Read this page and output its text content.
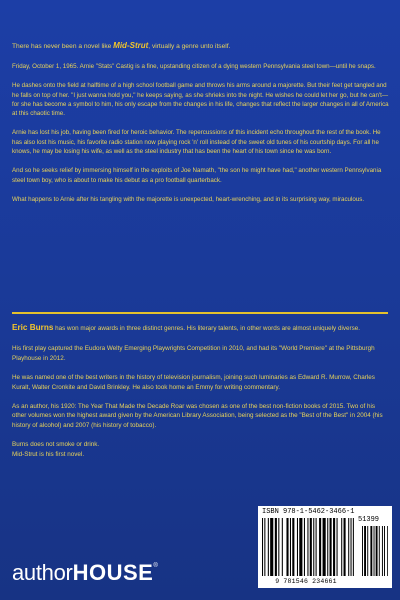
There has never been a novel like Mid-Strut, virtually a genre unto itself.

Friday, October 1, 1965. Arnie "Stats" Castig is a fine, upstanding citizen of a dying western Pennsylvania steel town—until he snaps.

He dashes onto the field at halftime of a high school football game and throws his arms around a majorette. But their feet get tangled and he falls on top of her. "I just wanna hold you," he keeps saying, as she shrieks into the night. He wishes he could let her go, but he can't—for she has become a symbol to him, his only escape from the changes in his life, changes that reflect the larger changes in all of America at this chaotic time.

Arnie has lost his job, having been fired for heroic behavior. The repercussions of this incident echo throughout the rest of the book. He has also lost his music, his favorite radio station now playing rock 'n' roll instead of the sweet old tunes of his courtship days. For all he knows, he may be losing his wife, as well as the steel industry that has been the heart of his town since he was born.

And so he seeks relief by immersing himself in the exploits of Joe Namath, "the son he might have had," another western Pennsylvania steel town boy, who is about to make his debut as a pro football quarterback.

What happens to Arnie after his tangling with the majorette is unexpected, heart-wrenching, and in its surprising way, miraculous.

Eric Burns has won major awards in three distinct genres. His literary talents, in other words are almost uniquely diverse.

His first play captured the Eudora Welty Emerging Playwrights Competition in 2010, and had its "World Premiere" at the Pittsburgh Playhouse in 2012.

He was named one of the best writers in the history of television journalism, joining such luminaries as Edward R. Murrow, Charles Kuralt, Walter Cronkite and David Brinkley. He also took home an Emmy for writing commentary.

As an author, his 1920: The Year That Made the Decade Roar was chosen as one of the best non-fiction books of 2015. Two of his other volumes won the highest award given by the American Library Association, being selected as the "Best of the Best" in 2004 (his history of alcohol) and 2007 (his history of tobacco).

Burns does not smoke or drink.
Mid-Strut is his first novel.

authorHOUSE®
ISBN 978-1-5462-3466-1
51399
9 781546 234661
